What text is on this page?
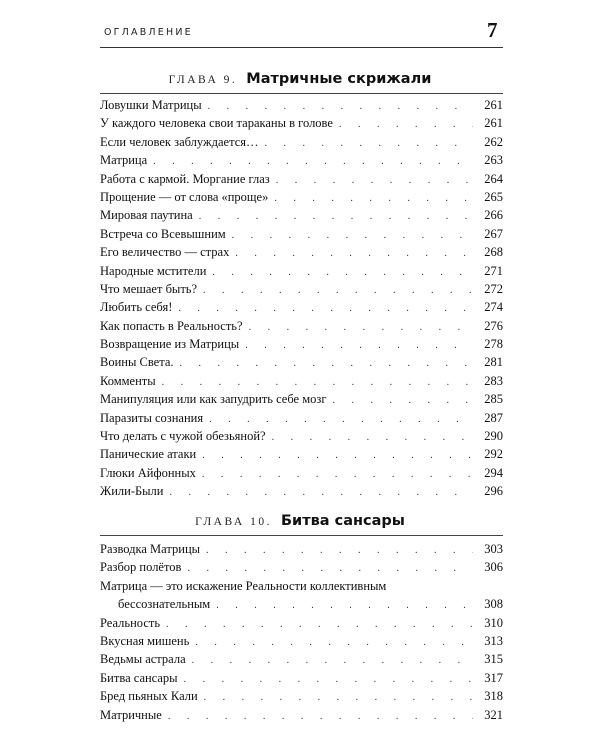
ОГЛАВЛЕНИЕ	7
ГЛАВА 9. Матричные скрижали
Ловушки Матрицы . . .	261
У каждого человека свои тараканы в голове . . .	261
Если человек заблуждается… . . .	262
Матрица . . .	263
Работа с кармой. Моргание глаз . . .	264
Прощение — от слова «проще» . . .	265
Мировая паутина . . .	266
Встреча со Всевышним . . .	267
Его величество — страх . . .	268
Народные мстители . . .	271
Что мешает быть? . . .	272
Любить себя! . . .	274
Как попасть в Реальность? . . .	276
Возвращение из Матрицы . . .	278
Воины Света. . . .	281
Комменты . . .	283
Манипуляция или как запудрить себе мозг . . .	285
Паразиты сознания . . .	287
Что делать с чужой обезьяной? . . .	290
Панические атаки . . .	292
Глюки Айфонных . . .	294
Жили-Были . . .	296
ГЛАВА 10. Битва сансары
Разводка Матрицы . . .	303
Разбор полётов . . .	306
Матрица — это искажение Реальности коллективным
бессознательным . . .	308
Реальность . . .	310
Вкусная мишень . . .	313
Ведьмы астрала . . .	315
Битва сансары . . .	317
Бред пьяных Кали . . .	318
Матричные . . .	321
